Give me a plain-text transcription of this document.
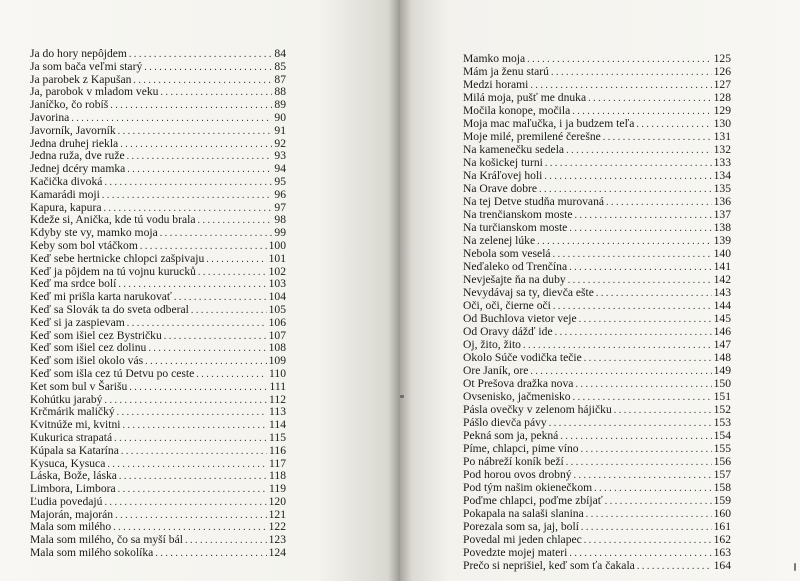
Ja do hory nepôjdem . . .	84
Ja som bača veľmi starý . . .	85
Ja parobek z Kapušan . . .	87
Ja, parobok v mladom veku . . .	88
Janíčko, čo robíš . . .	89
Javorina . . .	90
Javorník, Javorník . . .	91
Jedna druhej riekla . . .	92
Jedna ruža, dve ruže . . .	93
Jednej dcéry mamka . . .	94
Kačička divoká . . .	95
Kamarádi moji . . .	96
Kapura, kapura . . .	97
Kdeže si, Anička, kde tú vodu brala . . .	98
Kdyby ste vy, mamko moja . . .	99
Keby som bol vtáčkom . . .	100
Keď sebe hertnicke chlopci zašpivaju . . .	101
Keď ja pôjdem na tú vojnu kurucků . . .	102
Keď ma srdce bolí . . .	103
Keď mi prišla karta narukovať . . .	104
Keď sa Slovák ta do sveta odberal . . .	105
Keď si ja zaspievam . . .	106
Keď som išiel cez Bystričku . . .	107
Keď som išiel cez dolinu . . .	108
Keď som išiel okolo vás . . .	109
Keď som išla cez tú Detvu po ceste . . .	110
Ket som bul v Šarišu . . .	111
Kohútku jarabý . . .	112
Krčmárik maličký . . .	113
Kvitnúže mi, kvitni . . .	114
Kukurica strapatá . . .	115
Kúpala sa Katarína . . .	116
Kysuca, Kysuca . . .	117
Láska, Bože, láska . . .	118
Limbora, Limbora . . .	119
Ľudia povedajú . . .	120
Majorán, majorán . . .	121
Mala som milého . . .	122
Mala som milého, čo sa myší bál . . .	123
Mala som milého sokolíka . . .	124
Mamko moja . . .	125
Mám ja ženu starú . . .	126
Medzi horami . . .	127
Milá moja, pušť me dnuka . . .	128
Močila konope, močila . . .	129
Moja mac maľučka, i ja budzem teľa . . .	130
Moje milé, premilené čerešne . . .	131
Na kamenečku sedela . . .	132
Na košickej turni . . .	133
Na Kráľovej holi . . .	134
Na Orave dobre . . .	135
Na tej Detve studňa murovaná . . .	136
Na trenčianskom moste . . .	137
Na turčianskom moste . . .	138
Na zelenej lúke . . .	139
Nebola som veselá . . .	140
Neďaleko od Trenčína . . .	141
Nevješajte ňa na duby . . .	142
Nevydávaj sa ty, dievča ešte . . .	143
Oči, oči, čierne oči . . .	144
Od Buchlova vietor veje . . .	145
Od Oravy dážď ide . . .	146
Oj, žito, žito . . .	147
Okolo Súče vodička tečie . . .	148
Ore Janík, ore . . .	149
Ot Prešova dražka nova . . .	150
Ovsenisko, jačmenisko . . .	151
Pásla ovečky v zelenom hájičku . . .	152
Pášlo dievča pávy . . .	153
Pekná som ja, pekná . . .	154
Píme, chlapci, pime víno . . .	155
Po nábreží koník beží . . .	156
Pod horou ovos drobný . . .	157
Pod tým našim okienečkom . . .	158
Poďme chlapci, poďme zbíjať . . .	159
Pokapala na salaši slanina . . .	160
Porezala som sa, jaj, bolí . . .	161
Povedal mi jeden chlapec . . .	162
Povedzte mojej materi . . .	163
Prečo si neprišiel, keď som ťa čakala . . .	164
